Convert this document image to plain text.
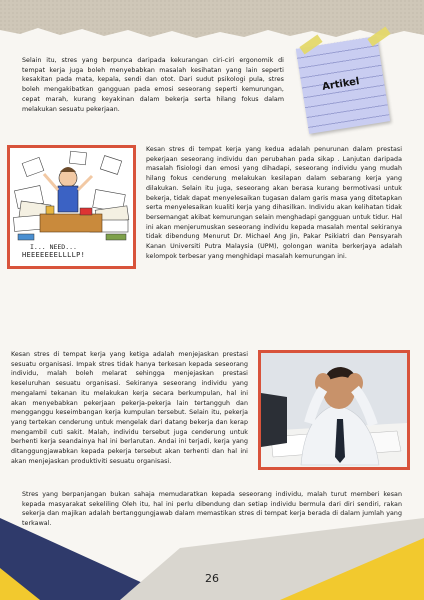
Artikel

Selain itu, stres yang berpunca daripada kekurangan ciri-ciri ergonomik di tempat kerja juga boleh menyebabkan masalah kesihatan yang lain seperti kesakitan pada mata, kepala, sendi dan otot. Dari sudut psikologi pula, stres boleh mengakibatkan gangguan pada emosi seseorang seperti kemurungan, cepat marah, kurang keyakinan dalam bekerja serta hilang fokus dalam melakukan sesuatu pekerjaan.

I... NEED...
HEEEEEEELLLLP!

Kesan stres di tempat kerja yang kedua adalah penurunan dalam prestasi pekerjaan seseorang individu dan perubahan pada sikap . Lanjutan daripada masalah fisiologi dan emosi yang dihadapi, seseorang individu yang mudah hilang fokus cenderung melakukan kesilapan dalam sebarang kerja yang dilakukan. Selain itu juga, seseorang akan berasa kurang bermotivasi untuk bekerja, tidak dapat menyelesaikan tugasan dalam garis masa yang ditetapkan serta menyelesaikan kualiti kerja yang dihasilkan. Individu akan kelihatan tidak bersemangat akibat kemurungan selain menghadapi gangguan untuk tidur. Hal ini akan menjerumuskan seseorang individu kepada masalah mental sekiranya tidak dibendung Menurut Dr. Michael Ang Jin, Pakar Psikiatri dan Pensyarah Kanan Universiti Putra Malaysia (UPM), golongan wanita berkerjaya adalah kelompok terbesar yang menghidapi masalah kemurungan ini.

Kesan stres di tempat kerja yang ketiga adalah menjejaskan prestasi sesuatu organisasi. Impak stres tidak hanya terkesan kepada seseorang individu, malah boleh melarat sehingga menjejaskan prestasi keseluruhan sesuatu organisasi. Sekiranya seseorang individu yang mengalami tekanan itu melakukan kerja secara berkumpulan, hal ini akan menyebabkan pekerjaan pekerja-pekerja lain tertangguh dan mengganggu keseimbangan kerja kumpulan tersebut. Selain itu, pekerja yang tertekan cenderung untuk mengelak dari datang bekerja dan kerap mengambil cuti sakit. Malah, individu tersebut juga cenderung untuk berhenti kerja seandainya hal ini berlarutan. Andai ini terjadi, kerja yang ditanggungjawabkan kepada pekerja tersebut akan terhenti dan hal ini akan menjejaskan produktiviti sesuatu organisasi.

Stres yang berpanjangan bukan sahaja memudaratkan kepada seseorang individu, malah turut memberi kesan kepada masyarakat sekeliling Oleh itu, hal ini perlu dibendung dan setiap individu bermula dari diri sendiri, rakan sekerja dan majikan adalah bertanggungjawab dalam memastikan stres di tempat kerja berada di dalam jumlah yang terkawal.

26
